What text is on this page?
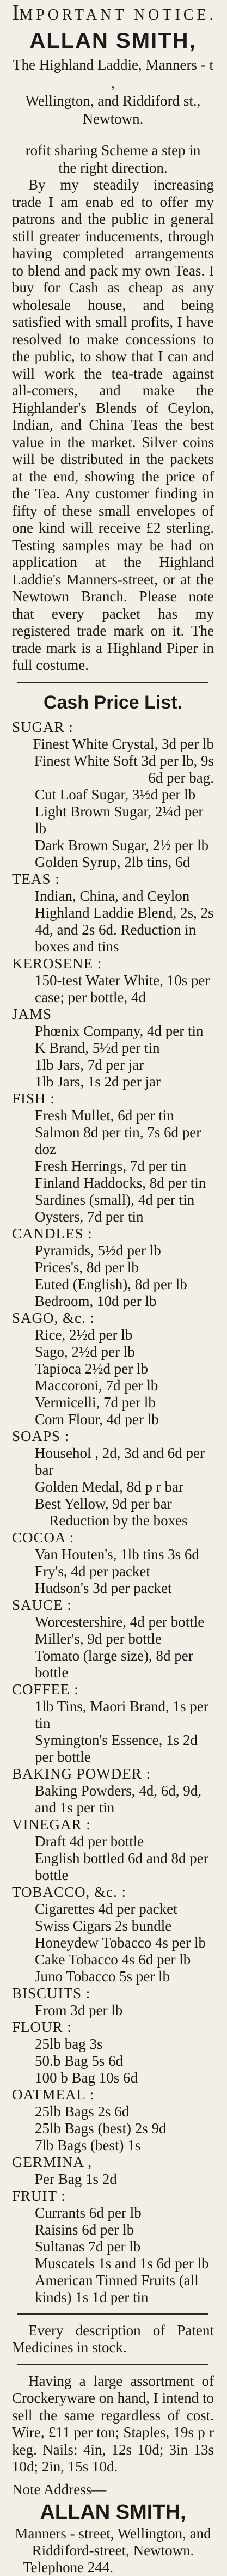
IMPORTANT NOTICE.
ALLAN SMITH,
The Highland Laddie, Manners - t ,
Wellington, and Riddiford st.,
Newtown.

rofit sharing Scheme a step in the right direction.

By my steadily increasing trade I am enab ed to offer my patrons and the public in general still greater inducements, through having completed arrangements to blend and pack my own Teas. I buy for Cash as cheap as any wholesale house, and being satisfied with small profits, I have resolved to make concessions to the public, to show that I can and will work the tea-trade against all-comers, and make the Highlander's Blends of Ceylon, Indian, and China Teas the best value in the market. Silver coins will be distributed in the packets at the end, showing the price of the Tea. Any customer finding in fifty of these small envelopes of one kind will receive £2 sterling. Testing samples may be had on application at the Highland Laddie's Manners-street, or at the Newtown Branch. Please note that every packet has my registered trade mark on it. The trade mark is a Highland Piper in full costume.

Cash Price List.
SUGAR :
Finest White Crystal, 3d per lb
Finest White Soft 3d per lb, 9s 6d per bag.
Cut Loaf Sugar, 3½d per lb
Light Brown Sugar, 2¼d per lb
Dark Brown Sugar, 2½ per lb
Golden Syrup, 2lb tins, 6d
TEAS :
Indian, China, and Ceylon Highland Laddie Blend, 2s, 2s 4d, and 2s 6d. Reduction in boxes and tins
KEROSENE :
150-test Water White, 10s per case; per bottle, 4d
JAMS
Phœnix Company, 4d per tin
K Brand, 5½d per tin
1lb Jars, 7d per jar
1lb Jars, 1s 2d per jar
FISH :
Fresh Mullet, 6d per tin
Salmon 8d per tin, 7s 6d per doz
Fresh Herrings, 7d per tin
Finland Haddocks, 8d per tin
Sardines (small), 4d per tin
Oysters, 7d per tin
CANDLES :
Pyramids, 5½d per lb
Prices's, 8d per lb
Euted (English), 8d per lb
Bedroom, 10d per lb
SAGO, &c. :
Rice, 2½d per lb
Sago, 2½d per lb
Tapioca 2½d per lb
Maccoroni, 7d per lb
Vermicelli, 7d per lb
Corn Flour, 4d per lb
SOAPS :
Househol , 2d, 3d and 6d per bar
Golden Medal, 8d p r bar
Best Yellow, 9d per bar
Reduction by the boxes
COCOA :
Van Houten's, 1lb tins 3s 6d
Fry's, 4d per packet
Hudson's 3d per packet
SAUCE :
Worcestershire, 4d per bottle
Miller's, 9d per bottle
Tomato (large size), 8d per bottle
COFFEE :
1lb Tins, Maori Brand, 1s per tin
Symington's Essence, 1s 2d per bottle
BAKING POWDER :
Baking Powders, 4d, 6d, 9d, and 1s per tin
VINEGAR :
Draft 4d per bottle
English bottled 6d and 8d per bottle
TOBACCO, &c. :
Cigarettes 4d per packet
Swiss Cigars 2s bundle
Honeydew Tobacco 4s per lb
Cake Tobacco 4s 6d per lb
Juno Tobacco 5s per lb
BISCUITS :
From 3d per lb
FLOUR :
25lb bag 3s
50.b Bag 5s 6d
100 b Bag 10s 6d
OATMEAL :
25lb Bags 2s 6d
25lb Bags (best) 2s 9d
7lb Bags (best) 1s
GERMINA ,
Per Bag 1s 2d
FRUIT :
Currants 6d per lb
Raisins 6d per lb
Sultanas 7d per lb
Muscatels 1s and 1s 6d per lb
American Tinned Fruits (all kinds) 1s 1d per tin

Every description of Patent Medicines in stock.

Having a large assortment of Crockeryware on hand, I intend to sell the same regardless of cost. Wire, £11 per ton; Staples, 19s p r keg. Nails: 4in, 12s 10d; 3in 13s 10d; 2in, 15s 10d.

Note Address—
ALLAN SMITH,
Manners - street, Wellington, and
Riddiford-street, Newtown.
Telephone 244.
